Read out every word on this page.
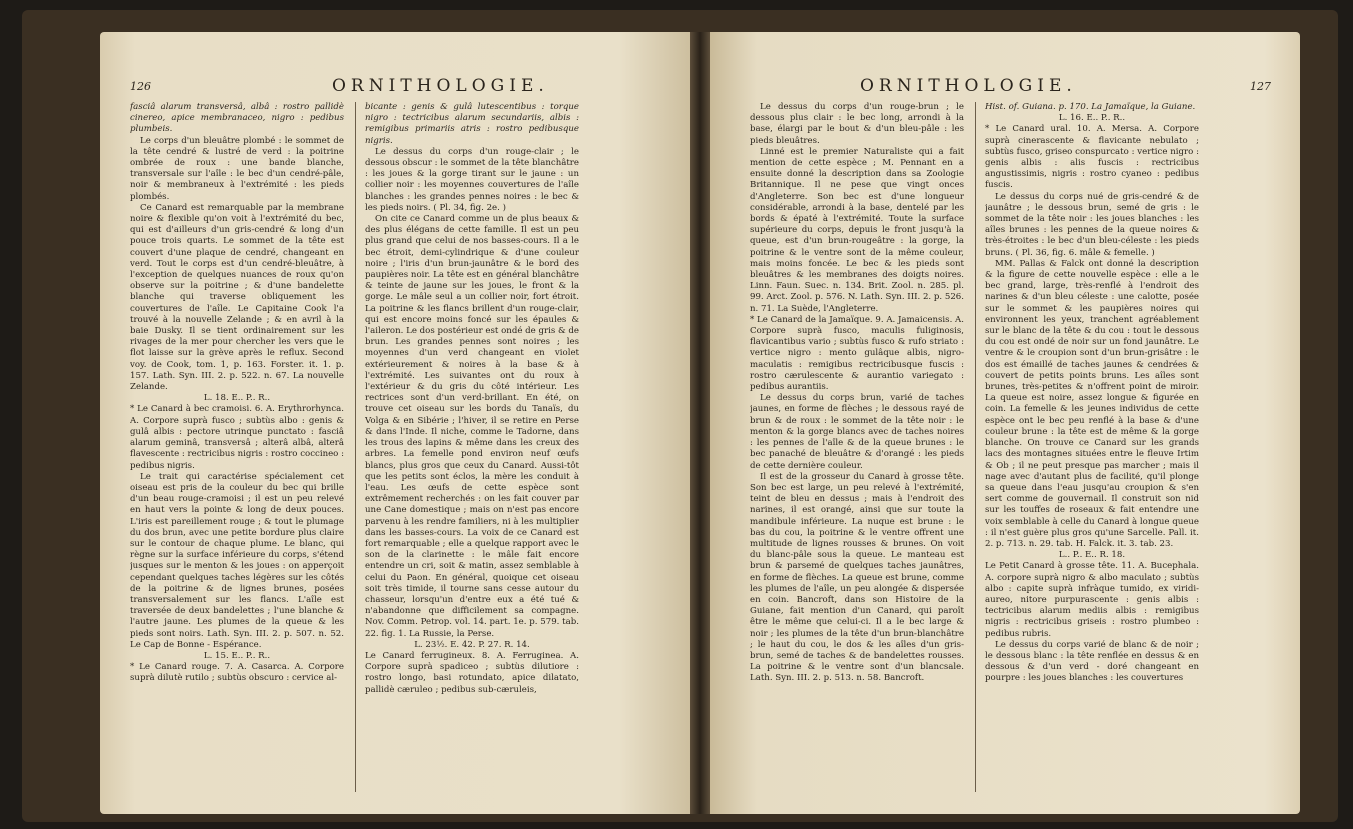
126	ORNITHOLOGIE.

fasciâ alarum transversâ, albâ : rostro pallidè cinereo, apice membranaceo, nigro : pedibus plumbeis.

Le corps d'un bleuâtre plombé : le sommet de la tête cendré & lustré de verd : la poitrine ombrée de roux : une bande blanche, transversale sur l'aîle : le bec d'un cendré-pâle, noir & membraneux à l'extrémité : les pieds plombés.

Ce Canard est remarquable par la membrane noire & flexible qu'on voit à l'extrémité du bec, qui est d'ailleurs d'un gris-cendré & long d'un pouce trois quarts. Le sommet de la tête est couvert d'une plaque de cendré, changeant en verd. Tout le corps est d'un cendré-bleuâtre, à l'exception de quelques nuances de roux qu'on observe sur la poitrine ; & d'une bandelette blanche qui traverse obliquement les couvertures de l'aîle. Le Capitaine Cook l'a trouvé à la nouvelle Zelande ; & en avril à la baie Dusky. Il se tient ordinairement sur les rivages de la mer pour chercher les vers que le flot laisse sur la grève après le reflux. Second voy. de Cook, tom. 1, p. 163. Forster. it. 1. p. 157. Lath. Syn. III. 2. p. 522. n. 67. La nouvelle Zelande.

L. 18. E.. P.. R..

* Le Canard à bec cramoisi. 6. A. Erythrorhynca. A. Corpore suprà fusco ; subtùs albo : genis & gulâ albis : pectore utrinque punctato : fasciâ alarum geminâ, transversâ ; alterâ albâ, alterâ flavescente : rectricibus nigris : rostro coccineo : pedibus nigris.

Le trait qui caractérise spécialement cet oiseau est pris de la couleur du bec qui brille d'un beau rouge-cramoisi ; il est un peu relevé en haut vers la pointe & long de deux pouces. L'iris est pareillement rouge ; & tout le plumage du dos brun, avec une petite bordure plus claire sur le contour de chaque plume. Le blanc, qui règne sur la surface inférieure du corps, s'étend jusques sur le menton & les joues : on apperçoit cependant quelques taches légères sur les côtés de la poitrine & de lignes brunes, posées transversalement sur les flancs. L'aîle est traversée de deux bandelettes ; l'une blanche & l'autre jaune. Les plumes de la queue & les pieds sont noirs. Lath. Syn. III. 2. p. 507. n. 52. Le Cap de Bonne - Espérance.

L. 15. E.. P.. R..

* Le Canard rouge. 7. A. Casarca. A. Corpore suprà dilutè rutilo ; subtùs obscuro : cervice al-

bicante : genis & gulâ lutescentibus : torque nigro : tectricibus alarum secundariis, albis : remigibus primariis atris : rostro pedibusque nigris.

Le dessus du corps d'un rouge-clair ; le dessous obscur : le sommet de la tête blanchâtre : les joues & la gorge tirant sur le jaune : un collier noir : les moyennes couvertures de l'aîle blanches : les grandes pennes noires : le bec & les pieds noirs. ( Pl. 34, fig. 2e. )

On cite ce Canard comme un de plus beaux & des plus élégans de cette famille. Il est un peu plus grand que celui de nos basses-cours. Il a le bec étroit, demi-cylindrique & d'une couleur noire ; l'iris d'un brun-jaunâtre & le bord des paupières noir. La tête est en général blanchâtre & teinte de jaune sur les joues, le front & la gorge. Le mâle seul a un collier noir, fort étroit. La poitrine & les flancs brillent d'un rouge-clair, qui est encore moins foncé sur les épaules & l'aileron. Le dos postérieur est ondé de gris & de brun. Les grandes pennes sont noires ; les moyennes d'un verd changeant en violet extérieurement & noires à la base & à l'extrémité. Les suivantes ont du roux à l'extérieur & du gris du côté intérieur. Les rectrices sont d'un verd-brillant. En été, on trouve cet oiseau sur les bords du Tanaïs, du Volga & en Sibérie ; l'hiver, il se retire en Perse & dans l'Inde. Il niche, comme le Tadorne, dans les trous des lapins & même dans les creux des arbres. La femelle pond environ neuf œufs blancs, plus gros que ceux du Canard. Aussi-tôt que les petits sont éclos, la mère les conduit à l'eau. Les œufs de cette espèce sont extrêmement recherchés : on les fait couver par une Cane domestique ; mais on n'est pas encore parvenu à les rendre familiers, ni à les multiplier dans les basses-cours. La voix de ce Canard est fort remarquable ; elle a quelque rapport avec le son de la clarinette : le mâle fait encore entendre un cri, soit & matin, assez semblable à celui du Paon. En général, quoique cet oiseau soit très timide, il tourne sans cesse autour du chasseur, lorsqu'un d'entre eux a été tué & n'abandonne que difficilement sa compagne. Nov. Comm. Petrop. vol. 14. part. 1e. p. 579. tab. 22. fig. 1. La Russie, la Perse.

L. 23½. E. 42. P. 27. R. 14.

Le Canard ferrugineux. 8. A. Ferruginea. A. Corpore suprà spadiceo ; subtùs dilutiore : rostro longo, basi rotundato, apice dilatato, pallidè cæruleo ; pedibus sub-cæruleis,

ORNITHOLOGIE.	127

Le dessus du corps d'un rouge-brun ; le dessous plus clair : le bec long, arrondi à la base, élargi par le bout & d'un bleu-pâle : les pieds bleuâtres.

Linné est le premier Naturaliste qui a fait mention de cette espèce ; M. Pennant en a ensuite donné la description dans sa Zoologie Britannique. Il ne pese que vingt onces d'Angleterre. Son bec est d'une longueur considérable, arrondi à la base, dentelé par les bords & épaté à l'extrémité. Toute la surface supérieure du corps, depuis le front jusqu'à la queue, est d'un brun-rougeâtre : la gorge, la poitrine & le ventre sont de la même couleur, mais moins foncée. Le bec & les pieds sont bleuâtres & les membranes des doigts noires. Linn. Faun. Suec. n. 134. Brit. Zool. n. 285. pl. 99. Arct. Zool. p. 576. N. Lath. Syn. III. 2. p. 526. n. 71. La Suède, l'Angleterre.

* Le Canard de la Jamaïque. 9. A. Jamaicensis. A. Corpore suprà fusco, maculis fuliginosis, flavicantibus vario ; subtùs fusco & rufo striato : vertice nigro : mento gulâque albis, nigro-maculatis : remigibus rectricibusque fuscis : rostro cærulescente & aurantio variegato : pedibus aurantiis.

Le dessus du corps brun, varié de taches jaunes, en forme de flèches ; le dessous rayé de brun & de roux : le sommet de la tête noir : le menton & la gorge blancs avec de taches noires : les pennes de l'aîle & de la queue brunes : le bec panaché de bleuâtre & d'orangé : les pieds de cette dernière couleur.

Il est de la grosseur du Canard à grosse tête. Son bec est large, un peu relevé à l'extrémité, teint de bleu en dessus ; mais à l'endroit des narines, il est orangé, ainsi que sur toute la mandibule inférieure. La nuque est brune : le bas du cou, la poitrine & le ventre offrent une multitude de lignes rousses & brunes. On voit du blanc-pâle sous la queue. Le manteau est brun & parsemé de quelques taches jaunâtres, en forme de flèches. La queue est brune, comme les plumes de l'aîle, un peu alongée & dispersée en coin. Bancroft, dans son Histoire de la Guiane, fait mention d'un Canard, qui paroît être le même que celui-ci. Il a le bec large & noir ; les plumes de la tête d'un brun-blanchâtre ; le haut du cou, le dos & les aîles d'un gris-brun, semé de taches & de bandelettes rousses. La poitrine & le ventre sont d'un blancsale. Lath. Syn. III. 2. p. 513. n. 58. Bancroft.

Hist. of. Guiana. p. 170. La Jamaïque, la Guiane.

L. 16. E.. P.. R..

* Le Canard ural. 10. A. Mersa. A. Corpore suprà cinerascente & flavicante nebulato ; subtùs fusco, griseo conspurcato : vertice nigro : genis albis : alis fuscis : rectricibus angustissimis, nigris : rostro cyaneo : pedibus fuscis.

Le dessus du corps nué de gris-cendré & de jaunâtre ; le dessous brun, semé de gris : le sommet de la tête noir : les joues blanches : les aîles brunes : les pennes de la queue noires & très-étroites : le bec d'un bleu-céleste : les pieds bruns. ( Pl. 36, fig. 6. mâle & femelle. )

MM. Pallas & Falck ont donné la description & la figure de cette nouvelle espèce : elle a le bec grand, large, très-renflé à l'endroit des narines & d'un bleu céleste : une calotte, posée sur le sommet & les paupières noires qui environnent les yeux, tranchent agréablement sur le blanc de la tête & du cou : tout le dessous du cou est ondé de noir sur un fond jaunâtre. Le ventre & le croupion sont d'un brun-grisâtre : le dos est émaillé de taches jaunes & cendrées & couvert de petits points bruns. Les aîles sont brunes, très-petites & n'offrent point de miroir. La queue est noire, assez longue & figurée en coin. La femelle & les jeunes individus de cette espèce ont le bec peu renflé à la base & d'une couleur brune : la tête est de même & la gorge blanche. On trouve ce Canard sur les grands lacs des montagnes situées entre le fleuve Irtim & Ob ; il ne peut presque pas marcher ; mais il nage avec d'autant plus de facilité, qu'il plonge sa queue dans l'eau jusqu'au croupion & s'en sert comme de gouvernail. Il construit son nid sur les touffes de roseaux & fait entendre une voix semblable à celle du Canard à longue queue : il n'est guère plus gros qu'une Sarcelle. Pall. it. 2. p. 713. n. 29. tab. H. Falck. it. 3. tab. 23.

L.. P.. E.. R. 18.

Le Petit Canard à grosse tête. 11. A. Bucephala. A. corpore suprà nigro & albo maculato ; subtùs albo : capite suprà infràque tumido, ex viridi-aureo, nitore purpurascente : genis albis : tectricibus alarum mediis albis : remigibus nigris : rectricibus griseis : rostro plumbeo : pedibus rubris.

Le dessus du corps varié de blanc & de noir ; le dessous blanc : la tête renflée en dessus & en dessous & d'un verd - doré changeant en pourpre : les joues blanches : les couvertures
